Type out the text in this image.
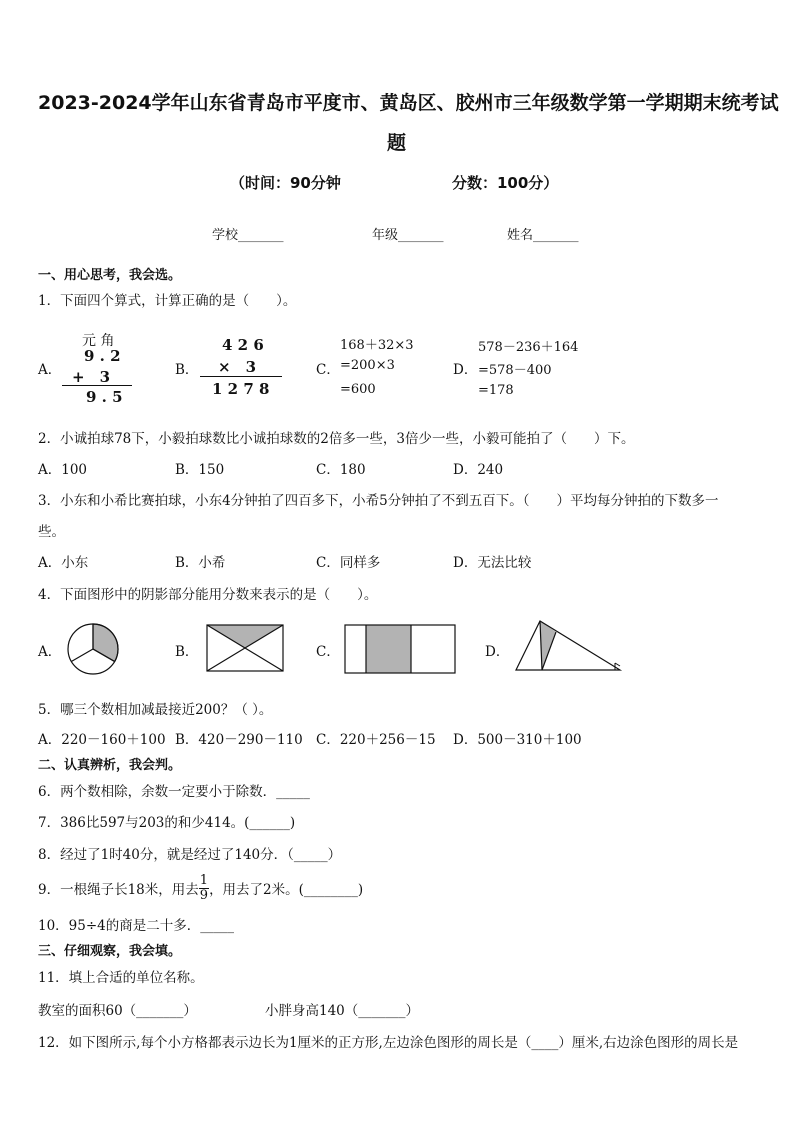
2023-2024学年山东省青岛市平度市、黄岛区、胶州市三年级数学第一学期期末统考试
题
（时间：90分钟	分数：100分）
学校_______	年级_______	姓名_______
一、用心思考，我会选。
1．下面四个算式，计算正确的是（　　）。
A．
元 角
9 . 2
+　3
9 . 5
B．
4 2 6
×　3
1 2 7 8
C．
168＋32×3
=200×3
=600
D．
578－236＋164
=578－400
=178
2．小诚拍球78下，小毅拍球数比小诚拍球数的2倍多一些，3倍少一些，小毅可能拍了（　　）下。
A．100	B．150	C．180	D．240
3．小东和小希比赛拍球，小东4分钟拍了四百多下，小希5分钟拍了不到五百下。（　　）平均每分钟拍的下数多一
些。
A．小东	B．小希	C．同样多	D．无法比较
4．下面图形中的阴影部分能用分数来表示的是（　　）。
A．	B．	C．	D．
5．哪三个数相加减最接近200？（ ）。
A．220－160＋100 B．420－290－110 C．220＋256－15 D．500－310＋100
二、认真辨析，我会判。
6．两个数相除，余数一定要小于除数．_____
7．386比597与203的和少414。(______)
8．经过了1时40分，就是经过了140分．（_____）
9．一根绳子长18米，用去 $\frac{1}{9}$ ，用去了2米。(________)
10．95÷4的商是二十多．_____
三、仔细观察，我会填。
11．填上合适的单位名称。
教室的面积60（_______）	小胖身高140（_______）
12．如下图所示,每个小方格都表示边长为1厘米的正方形,左边涂色图形的周长是（____）厘米,右边涂色图形的周长是
